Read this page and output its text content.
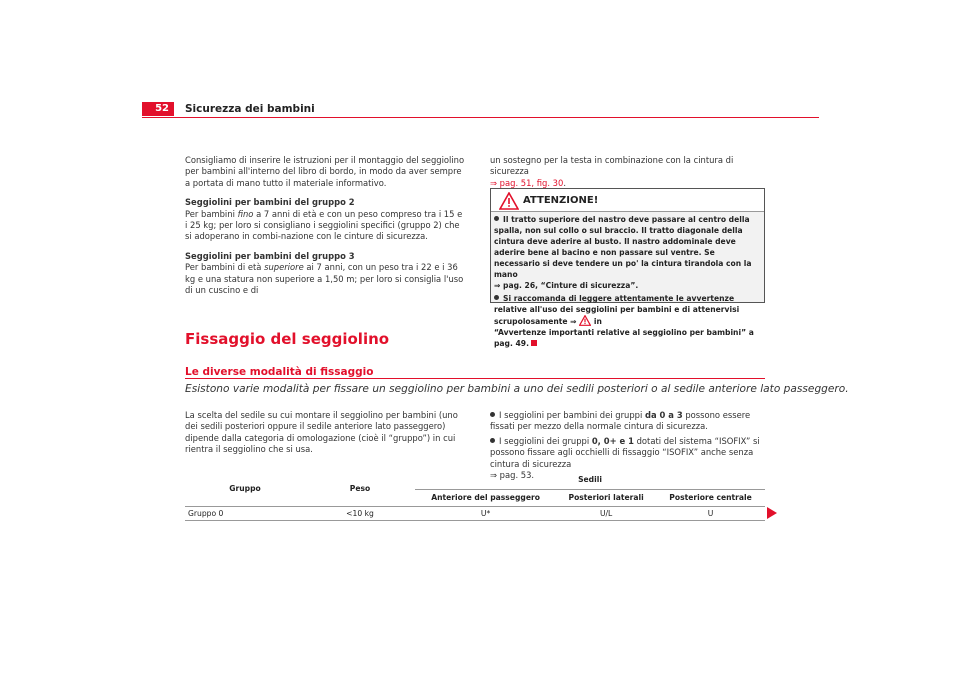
52	Sicurezza dei bambini

Consigliamo di inserire le istruzioni per il montaggio del seggiolino per bambini all'interno del libro di bordo, in modo da aver sempre a portata di mano tutto il materiale informativo.

Seggiolini per bambini del gruppo 2

Per bambini fino a 7 anni di età e con un peso compreso tra i 15 e i 25 kg; per loro si consigliano i seggiolini specifici (gruppo 2) che si adoperano in combi-nazione con le cinture di sicurezza.

Seggiolini per bambini del gruppo 3

Per bambini di età superiore ai 7 anni, con un peso tra i 22 e i 36 kg e una statura non superiore a 1,50 m; per loro si consiglia l'uso di un cuscino e di

un sostegno per la testa in combinazione con la cintura di sicurezza
⇒ pag. 51, fig. 30.

ATTENZIONE!

Il tratto superiore del nastro deve passare al centro della spalla, non sul collo o sul braccio. Il tratto diagonale della cintura deve aderire al busto. Il nastro addominale deve aderire bene al bacino e non passare sul ventre. Se necessario si deve tendere un po' la cintura tirandola con la mano
⇒ pag. 26, “Cinture di sicurezza”.

Si raccomanda di leggere attentamente le avvertenze relative all'uso dei seggiolini per bambini e di attenervisi scrupolosamente ⇒  in
“Avvertenze importanti relative al seggiolino per bambini” a pag. 49.

Fissaggio del seggiolino
Le diverse modalità di fissaggio
Esistono varie modalità per fissare un seggiolino per bambini a uno dei sedili posteriori o al sedile anteriore lato passeggero.

La scelta del sedile su cui montare il seggiolino per bambini (uno dei sedili posteriori oppure il sedile anteriore lato passeggero) dipende dalla categoria di omologazione (cioè il “gruppo”) in cui rientra il seggiolino che si usa.

I seggiolini per bambini dei gruppi da 0 a 3 possono essere fissati per mezzo della normale cintura di sicurezza.

I seggiolini dei gruppi 0, 0+ e 1 dotati del sistema “ISOFIX” si possono fissare agli occhielli di fissaggio “ISOFIX” anche senza cintura di sicurezza
⇒ pag. 53.

Gruppo	Peso	Sedili		
		Anteriore del passeggero	Posteriori laterali	Posteriore centrale
Gruppo 0	<10 kg	U*	U/L	U
